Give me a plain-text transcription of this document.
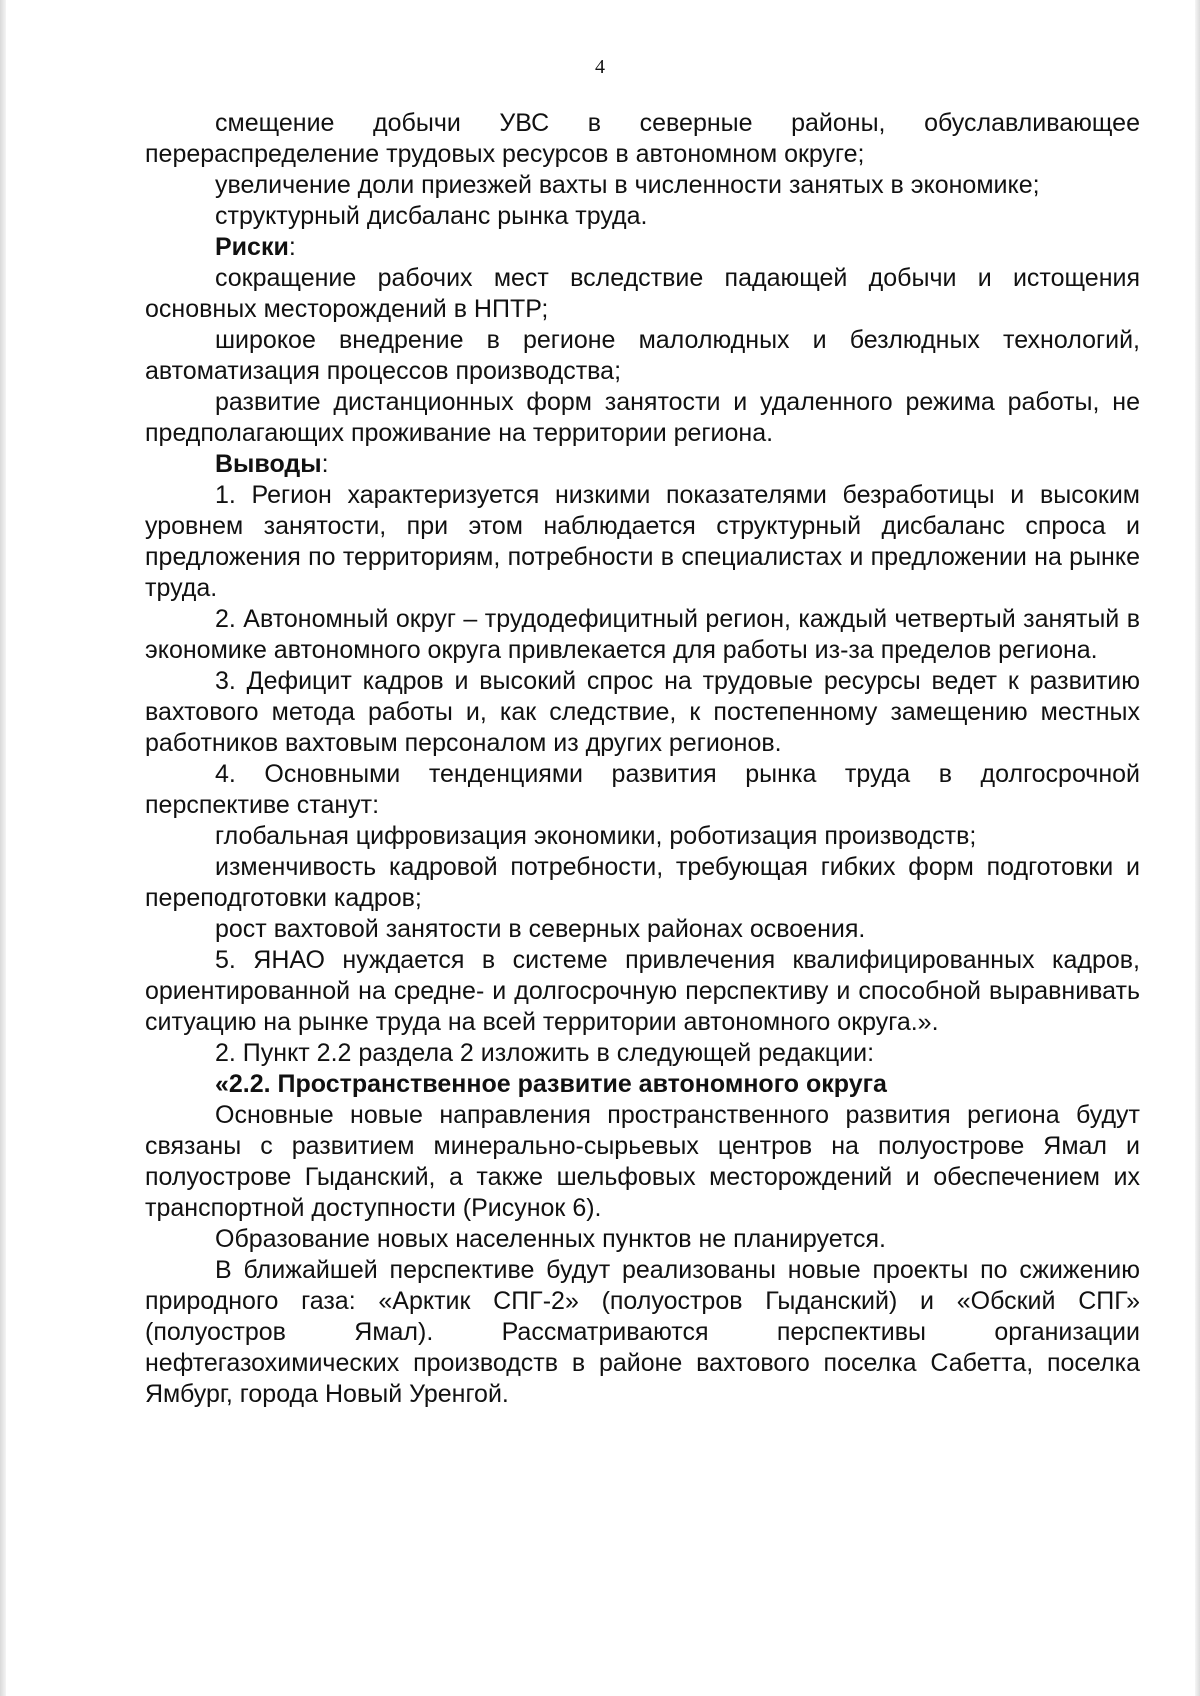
4

смещение добычи УВС в северные районы, обуславливающее перераспределение трудовых ресурсов в автономном округе;

увеличение доли приезжей вахты в численности занятых в экономике;

структурный дисбаланс рынка труда.

Риски:

сокращение рабочих мест вследствие падающей добычи и истощения основных месторождений в НПТР;

широкое внедрение в регионе малолюдных и безлюдных технологий, автоматизация процессов производства;

развитие дистанционных форм занятости и удаленного режима работы, не предполагающих проживание на территории региона.

Выводы:

1. Регион характеризуется низкими показателями безработицы и высоким уровнем занятости, при этом наблюдается структурный дисбаланс спроса и предложения по территориям, потребности в специалистах и предложении на рынке труда.

2. Автономный округ – трудодефицитный регион, каждый четвертый занятый в экономике автономного округа привлекается для работы из-за пределов региона.

3. Дефицит кадров и высокий спрос на трудовые ресурсы ведет к развитию вахтового метода работы и, как следствие, к постепенному замещению местных работников вахтовым персоналом из других регионов.

4. Основными тенденциями развития рынка труда в долгосрочной перспективе станут:

глобальная цифровизация экономики, роботизация производств;

изменчивость кадровой потребности, требующая гибких форм подготовки и переподготовки кадров;

рост вахтовой занятости в северных районах освоения.

5. ЯНАО нуждается в системе привлечения квалифицированных кадров, ориентированной на средне- и долгосрочную перспективу и способной выравнивать ситуацию на рынке труда на всей территории автономного округа.».

2. Пункт 2.2 раздела 2 изложить в следующей редакции:

«2.2. Пространственное развитие автономного округа

Основные новые направления пространственного развития региона будут связаны с развитием минерально-сырьевых центров на полуострове Ямал и полуострове Гыданский, а также шельфовых месторождений и обеспечением их транспортной доступности (Рисунок 6).

Образование новых населенных пунктов не планируется.

В ближайшей перспективе будут реализованы новые проекты по сжижению природного газа: «Арктик СПГ-2» (полуостров Гыданский) и «Обский СПГ» (полуостров Ямал). Рассматриваются перспективы организации нефтегазохимических производств в районе вахтового поселка Сабетта, поселка Ямбург, города Новый Уренгой.
